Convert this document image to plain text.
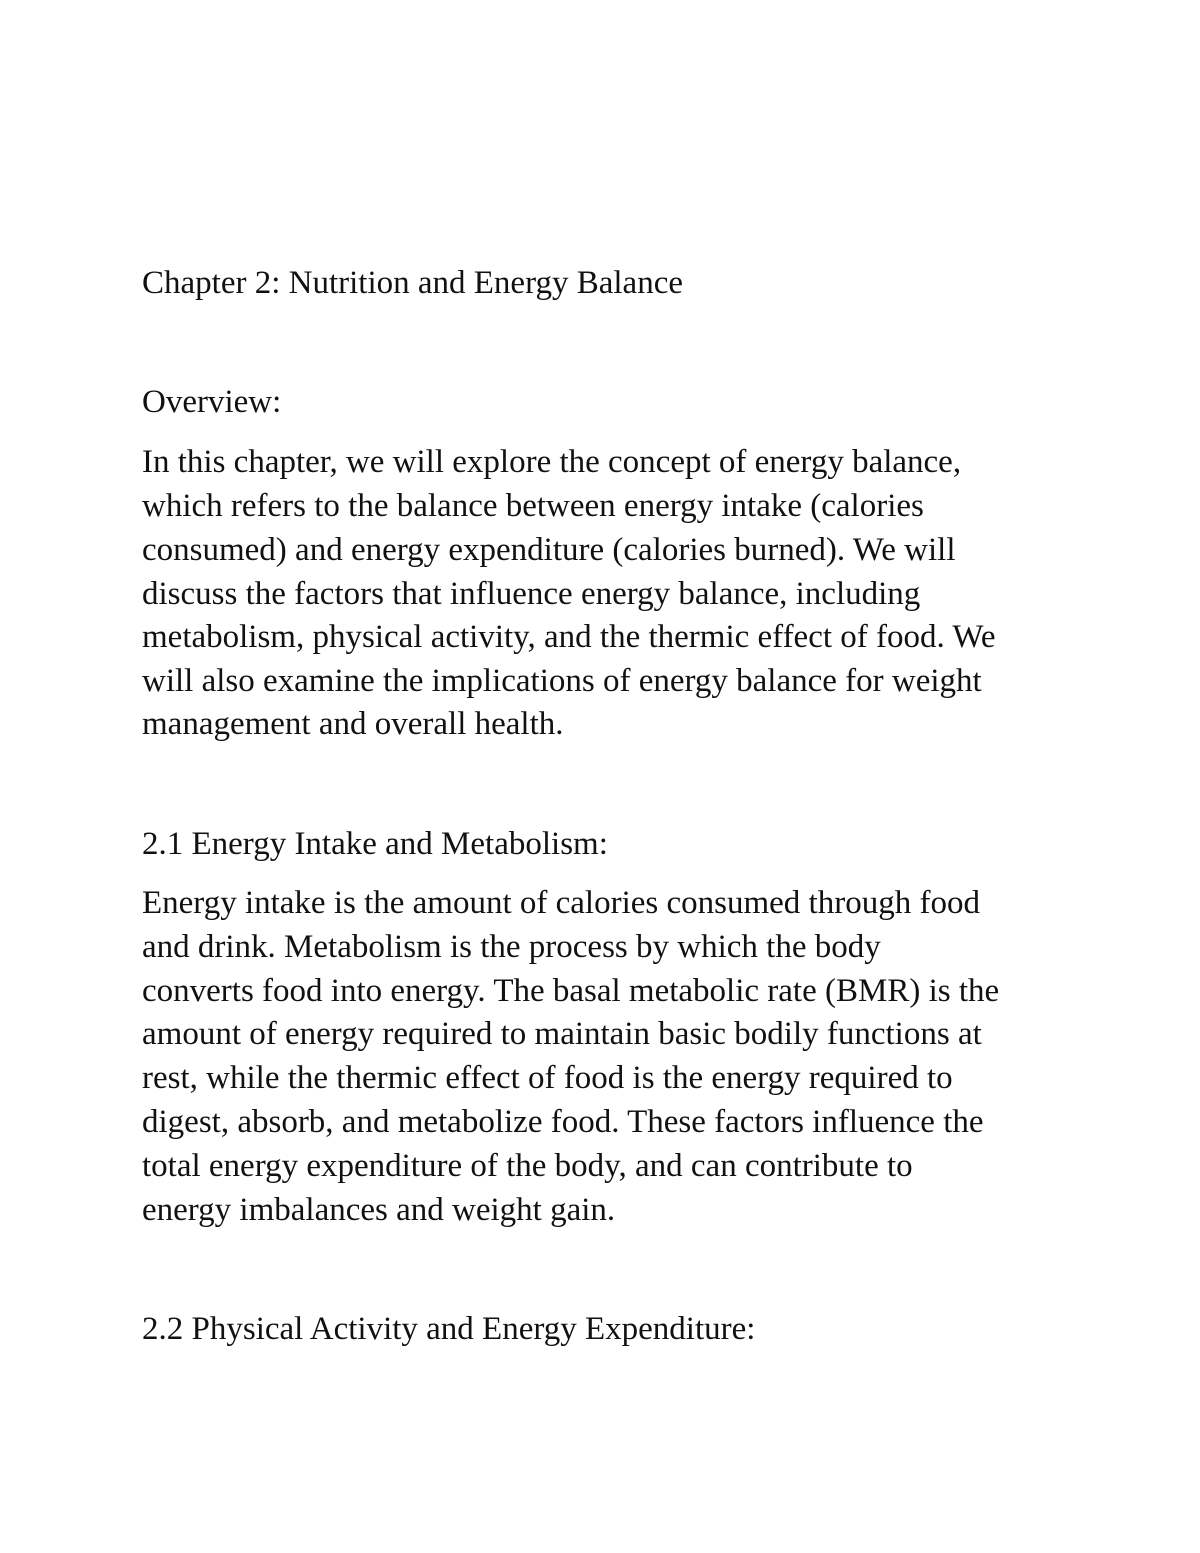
Chapter 2: Nutrition and Energy Balance
Overview:
In this chapter, we will explore the concept of energy balance,
which refers to the balance between energy intake (calories
consumed) and energy expenditure (calories burned). We will
discuss the factors that influence energy balance, including
metabolism, physical activity, and the thermic effect of food. We
will also examine the implications of energy balance for weight
management and overall health.
2.1 Energy Intake and Metabolism:
Energy intake is the amount of calories consumed through food
and drink. Metabolism is the process by which the body
converts food into energy. The basal metabolic rate (BMR) is the
amount of energy required to maintain basic bodily functions at
rest, while the thermic effect of food is the energy required to
digest, absorb, and metabolize food. These factors influence the
total energy expenditure of the body, and can contribute to
energy imbalances and weight gain.
2.2 Physical Activity and Energy Expenditure:
